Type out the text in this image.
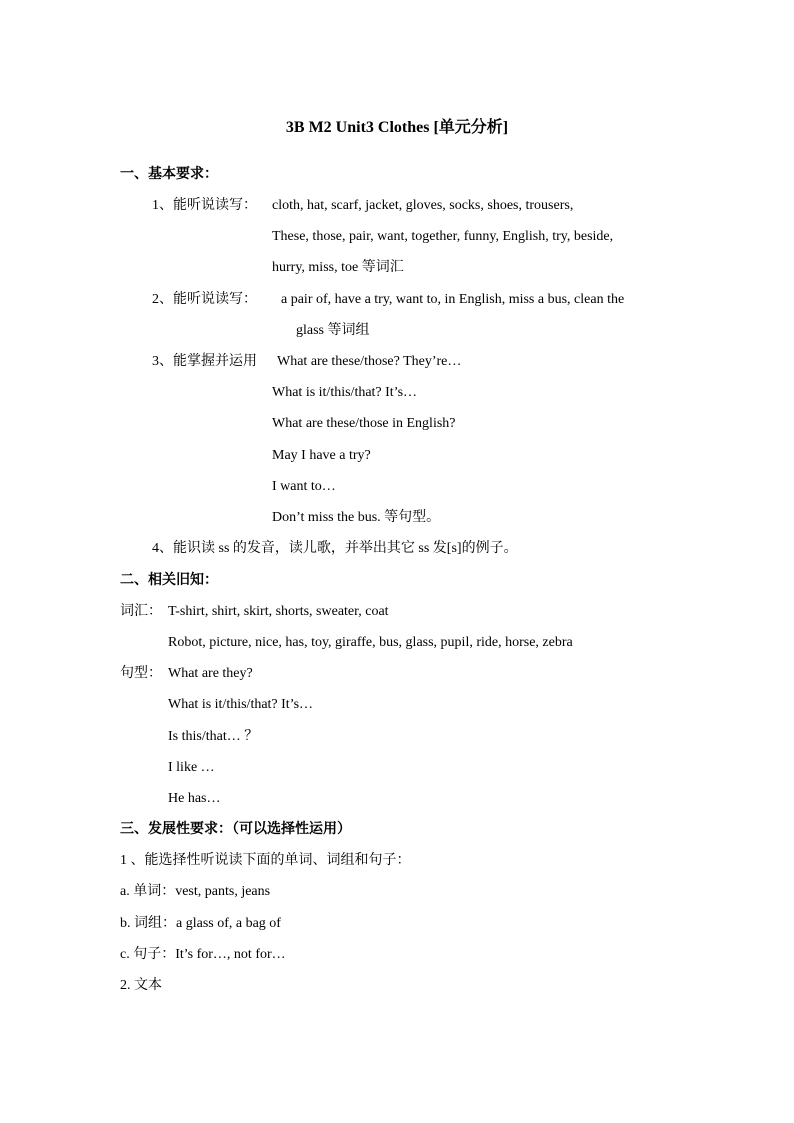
3B M2 Unit3 Clothes [单元分析]
一、基本要求：
1、能听说读写： cloth, hat, scarf, jacket, gloves, socks, shoes, trousers,
These, those, pair, want, together, funny, English, try, beside,
hurry, miss, toe 等词汇
2、能听说读写： a pair of, have a try, want to, in English, miss a bus, clean the
glass 等词组
3、能掌握并运用 What are these/those? They’re…
What is it/this/that? It’s…
What are these/those in English?
May I have a try?
I want to…
Don’t miss the bus. 等句型。
4、能识读 ss 的发音，读儿歌，并举出其它 ss 发[s]的例子。
二、相关旧知：
词汇： T-shirt, shirt, skirt, shorts, sweater, coat
Robot, picture, nice, has, toy, giraffe, bus, glass, pupil, ride, horse, zebra
句型： What are they?
What is it/this/that? It’s…
Is this/that… ？
I like …
He has…
三、发展性要求：（可以选择性运用）
1 、能选择性听说读下面的单词、词组和句子：
a. 单词：vest, pants, jeans
b. 词组：a glass of, a bag of
c. 句子：It’s for…, not for…
2. 文本
